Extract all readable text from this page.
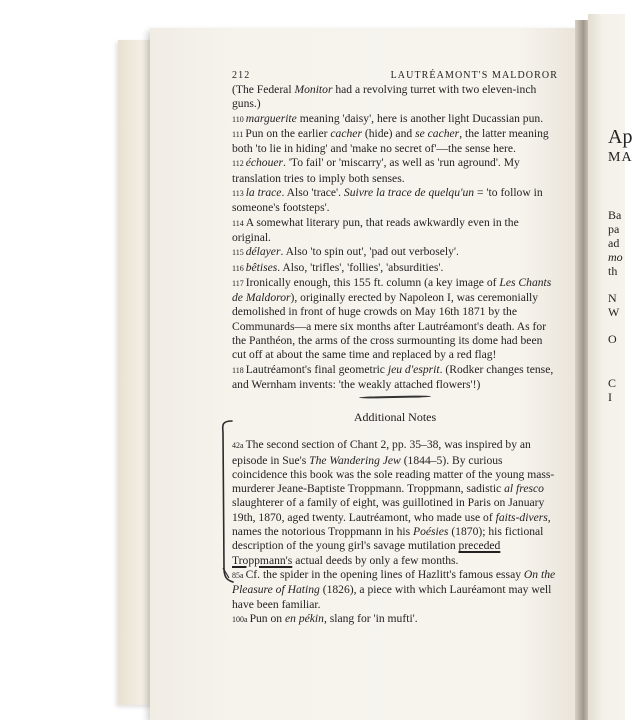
Ap
MA
Ba
pa
ad
mo
th
N
W
O
C
I
212	LAUTRÉAMONT'S MALDOROR

(The Federal Monitor had a revolving turret with two eleven-inch guns.)

110 marguerite meaning 'daisy', here is another light Ducassian pun.

111 Pun on the earlier cacher (hide) and se cacher, the latter meaning both 'to lie in hiding' and 'make no secret of'—the sense here.

112 échouer. 'To fail' or 'miscarry', as well as 'run aground'. My translation tries to imply both senses.

113 la trace. Also 'trace'. Suivre la trace de quelqu'un = 'to follow in someone's footsteps'.

114 A somewhat literary pun, that reads awkwardly even in the original.

115 délayer. Also 'to spin out', 'pad out verbosely'.

116 bêtises. Also, 'trifles', 'follies', 'absurdities'.

117 Ironically enough, this 155 ft. column (a key image of Les Chants de Maldoror), originally erected by Napoleon I, was ceremonially demolished in front of huge crowds on May 16th 1871 by the Communards—a mere six months after Lautréamont's death. As for the Panthéon, the arms of the cross surmounting its dome had been cut off at about the same time and replaced by a red flag!

118 Lautréamont's final geometric jeu d'esprit. (Rodker changes tense, and Wernham invents: 'the weakly attached flowers'!)

Additional Notes

42a The second section of Chant 2, pp. 35–38, was inspired by an episode in Sue's The Wandering Jew (1844–5). By curious coincidence this book was the sole reading matter of the young mass-murderer Jeane-Baptiste Troppmann. Troppmann, sadistic al fresco slaughterer of a family of eight, was guillotined in Paris on January 19th, 1870, aged twenty. Lautréamont, who made use of faits-divers, names the notorious Troppmann in his Poésies (1870); his fictional description of the young girl's savage mutilation preceded Troppmann's actual deeds by only a few months.

85a Cf. the spider in the opening lines of Hazlitt's famous essay On the Pleasure of Hating (1826), a piece with which Lauréamont may well have been familiar.

100a Pun on en pékin, slang for 'in mufti'.
